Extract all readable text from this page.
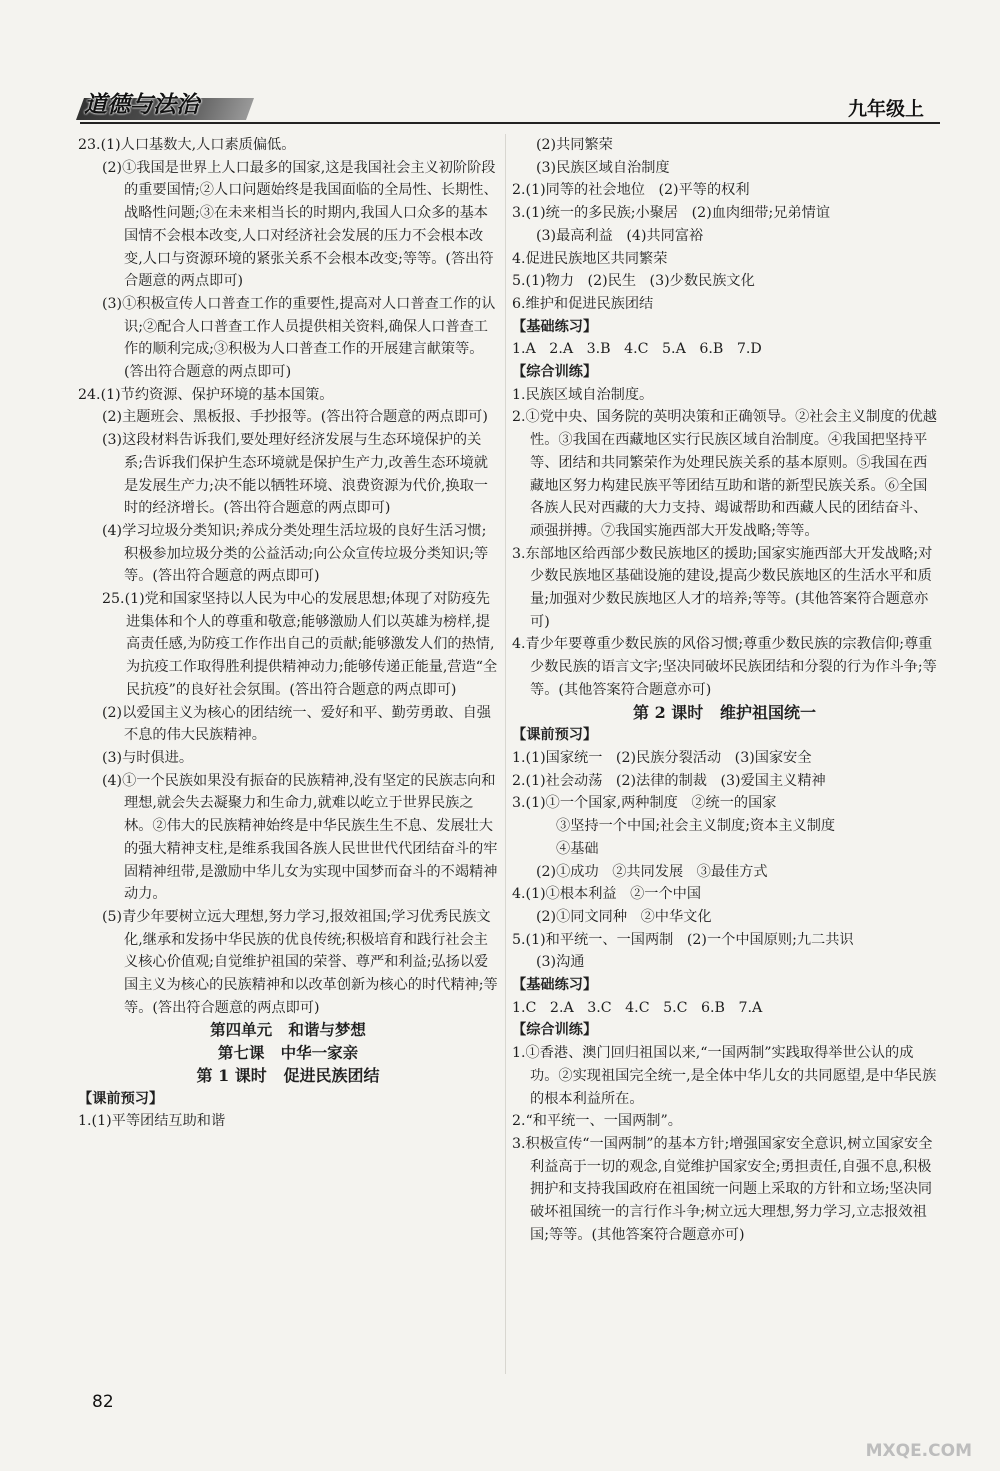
道德与法治	九年级上

23.(1)人口基数大,人口素质偏低。

(2)①我国是世界上人口最多的国家,这是我国社会主义初阶阶段的重要国情;②人口问题始终是我国面临的全局性、长期性、战略性问题;③在未来相当长的时期内,我国人口众多的基本国情不会根本改变,人口对经济社会发展的压力不会根本改变,人口与资源环境的紧张关系不会根本改变;等等。(答出符合题意的两点即可)

(3)①积极宣传人口普查工作的重要性,提高对人口普查工作的认识;②配合人口普查工作人员提供相关资料,确保人口普查工作的顺利完成;③积极为人口普查工作的开展建言献策等。(答出符合题意的两点即可)

24.(1)节约资源、保护环境的基本国策。

(2)主题班会、黑板报、手抄报等。(答出符合题意的两点即可)

(3)这段材料告诉我们,要处理好经济发展与生态环境保护的关系;告诉我们保护生态环境就是保护生产力,改善生态环境就是发展生产力;决不能以牺牲环境、浪费资源为代价,换取一时的经济增长。(答出符合题意的两点即可)

(4)学习垃圾分类知识;养成分类处理生活垃圾的良好生活习惯;积极参加垃圾分类的公益活动;向公众宣传垃圾分类知识;等等。(答出符合题意的两点即可)

25.(1)党和国家坚持以人民为中心的发展思想;体现了对防疫先进集体和个人的尊重和敬意;能够激励人们以英雄为榜样,提高责任感,为防疫工作作出自己的贡献;能够激发人们的热情,为抗疫工作取得胜利提供精神动力;能够传递正能量,营造“全民抗疫”的良好社会氛围。(答出符合题意的两点即可)

(2)以爱国主义为核心的团结统一、爱好和平、勤劳勇敢、自强不息的伟大民族精神。

(3)与时俱进。

(4)①一个民族如果没有振奋的民族精神,没有坚定的民族志向和理想,就会失去凝聚力和生命力,就难以屹立于世界民族之林。②伟大的民族精神始终是中华民族生生不息、发展壮大的强大精神支柱,是维系我国各族人民世世代代团结奋斗的牢固精神纽带,是激励中华儿女为实现中国梦而奋斗的不竭精神动力。

(5)青少年要树立远大理想,努力学习,报效祖国;学习优秀民族文化,继承和发扬中华民族的优良传统;积极培育和践行社会主义核心价值观;自觉维护祖国的荣誉、尊严和利益;弘扬以爱国主义为核心的民族精神和以改革创新为核心的时代精神;等等。(答出符合题意的两点即可)

第四单元   和谐与梦想

第七课   中华一家亲

第 1 课时   促进民族团结

【课前预习】

1.(1)平等团结互助和谐

(2)共同繁荣

(3)民族区域自治制度

2.(1)同等的社会地位   (2)平等的权利

3.(1)统一的多民族;小聚居   (2)血肉细带;兄弟情谊

(3)最高利益   (4)共同富裕

4.促进民族地区共同繁荣

5.(1)物力   (2)民生   (3)少数民族文化

6.维护和促进民族团结

【基础练习】

1.A   2.A   3.B   4.C   5.A   6.B   7.D

【综合训练】

1.民族区域自治制度。

2.①党中央、国务院的英明决策和正确领导。②社会主义制度的优越性。③我国在西藏地区实行民族区域自治制度。④我国把坚持平等、团结和共同繁荣作为处理民族关系的基本原则。⑤我国在西藏地区努力构建民族平等团结互助和谐的新型民族关系。⑥全国各族人民对西藏的大力支持、竭诚帮助和西藏人民的团结奋斗、顽强拼搏。⑦我国实施西部大开发战略;等等。

3.东部地区给西部少数民族地区的援助;国家实施西部大开发战略;对少数民族地区基础设施的建设,提高少数民族地区的生活水平和质量;加强对少数民族地区人才的培养;等等。(其他答案符合题意亦可)

4.青少年要尊重少数民族的风俗习惯;尊重少数民族的宗教信仰;尊重少数民族的语言文字;坚决同破坏民族团结和分裂的行为作斗争;等等。(其他答案符合题意亦可)

第 2 课时   维护祖国统一

【课前预习】

1.(1)国家统一   (2)民族分裂活动   (3)国家安全

2.(1)社会动荡   (2)法律的制裁   (3)爱国主义精神

3.(1)①一个国家,两种制度   ②统一的国家

③坚持一个中国;社会主义制度;资本主义制度

④基础

(2)①成功   ②共同发展   ③最佳方式

4.(1)①根本利益   ②一个中国

(2)①同文同种   ②中华文化

5.(1)和平统一、一国两制   (2)一个中国原则;九二共识

(3)沟通

【基础练习】

1.C   2.A   3.C   4.C   5.C   6.B   7.A

【综合训练】

1.①香港、澳门回归祖国以来,“一国两制”实践取得举世公认的成功。②实现祖国完全统一,是全体中华儿女的共同愿望,是中华民族的根本利益所在。

2.“和平统一、一国两制”。

3.积极宣传“一国两制”的基本方针;增强国家安全意识,树立国家安全利益高于一切的观念,自觉维护国家安全;勇担责任,自强不息,积极拥护和支持我国政府在祖国统一问题上采取的方针和立场;坚决同破坏祖国统一的言行作斗争;树立远大理想,努力学习,立志报效祖国;等等。(其他答案符合题意亦可)

82
MXQE.COM
